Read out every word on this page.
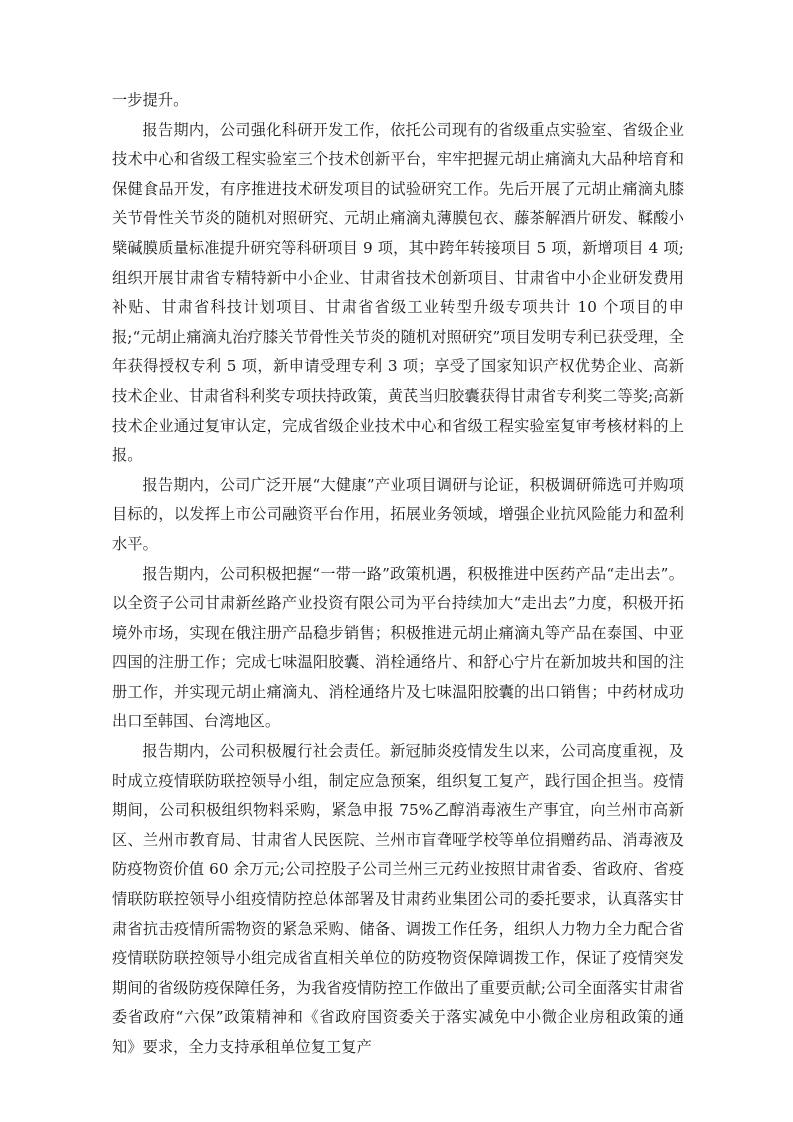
一步提升。

报告期内，公司强化科研开发工作，依托公司现有的省级重点实验室、省级企业技术中心和省级工程实验室三个技术创新平台，牢牢把握元胡止痛滴丸大品种培育和保健食品开发，有序推进技术研发项目的试验研究工作。先后开展了元胡止痛滴丸膝关节骨性关节炎的随机对照研究、元胡止痛滴丸薄膜包衣、藤茶解酒片研发、鞣酸小檗碱膜质量标准提升研究等科研项目 9 项，其中跨年转接项目 5 项，新增项目 4 项;组织开展甘肃省专精特新中小企业、甘肃省技术创新项目、甘肃省中小企业研发费用补贴、甘肃省科技计划项目、甘肃省省级工业转型升级专项共计 10 个项目的申报;“元胡止痛滴丸治疗膝关节骨性关节炎的随机对照研究”项目发明专利已获受理，全年获得授权专利 5 项，新申请受理专利 3 项；享受了国家知识产权优势企业、高新技术企业、甘肃省科利奖专项扶持政策，黄芪当归胶囊获得甘肃省专利奖二等奖;高新技术企业通过复审认定，完成省级企业技术中心和省级工程实验室复审考核材料的上报。

报告期内，公司广泛开展“大健康”产业项目调研与论证，积极调研筛选可并购项目标的，以发挥上市公司融资平台作用，拓展业务领域，增强企业抗风险能力和盈利水平。

报告期内，公司积极把握“一带一路”政策机遇，积极推进中医药产品“走出去”。以全资子公司甘肃新丝路产业投资有限公司为平台持续加大“走出去”力度，积极开拓境外市场，实现在俄注册产品稳步销售；积极推进元胡止痛滴丸等产品在泰国、中亚四国的注册工作；完成七味温阳胶囊、消栓通络片、和舒心宁片在新加坡共和国的注册工作，并实现元胡止痛滴丸、消栓通络片及七味温阳胶囊的出口销售；中药材成功出口至韩国、台湾地区。

报告期内，公司积极履行社会责任。新冠肺炎疫情发生以来，公司高度重视，及时成立疫情联防联控领导小组，制定应急预案，组织复工复产，践行国企担当。疫情期间，公司积极组织物料采购，紧急申报 75%乙醇消毒液生产事宜，向兰州市高新区、兰州市教育局、甘肃省人民医院、兰州市盲聋哑学校等单位捐赠药品、消毒液及防疫物资价值 60 余万元;公司控股子公司兰州三元药业按照甘肃省委、省政府、省疫情联防联控领导小组疫情防控总体部署及甘肃药业集团公司的委托要求，认真落实甘肃省抗击疫情所需物资的紧急采购、储备、调拨工作任务，组织人力物力全力配合省疫情联防联控领导小组完成省直相关单位的防疫物资保障调拨工作，保证了疫情突发期间的省级防疫保障任务，为我省疫情防控工作做出了重要贡献;公司全面落实甘肃省委省政府“六保”政策精神和《省政府国资委关于落实减免中小微企业房租政策的通知》要求，全力支持承租单位复工复产
